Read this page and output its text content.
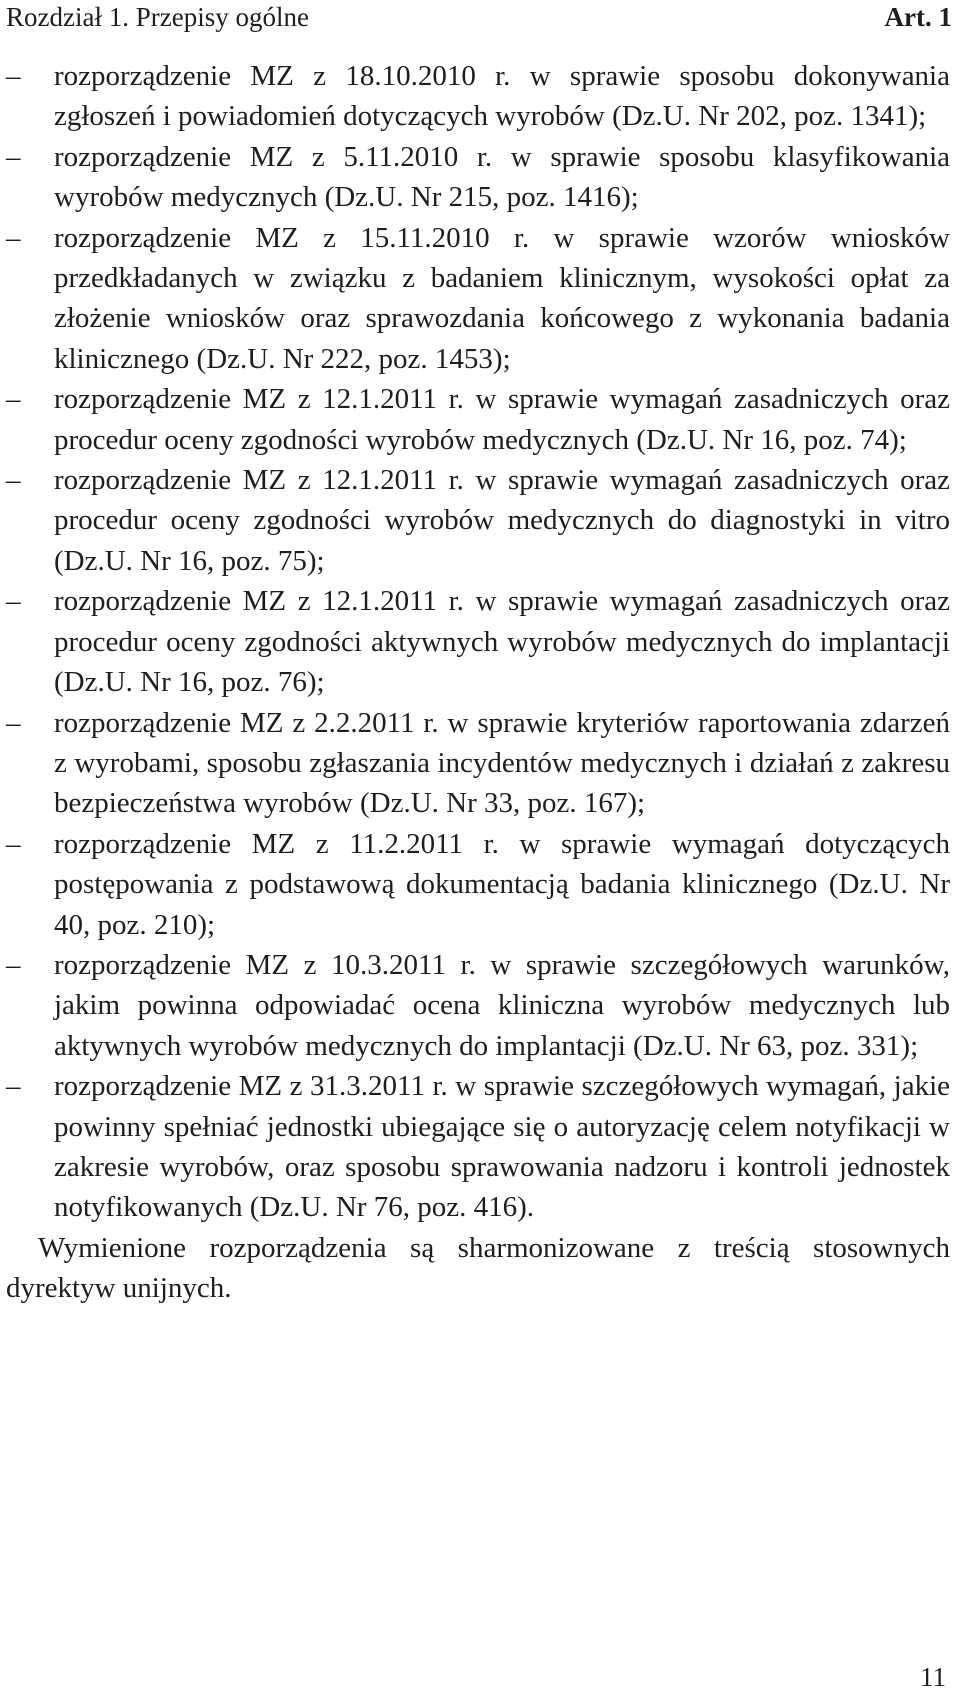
Rozdział 1. Przepisy ogólne	Art. 1
–	rozporządzenie MZ z 18.10.2010 r. w sprawie sposobu dokonywania zgłoszeń i powiadomień dotyczących wyrobów (Dz.U. Nr 202, poz. 1341);
–	rozporządzenie MZ z 5.11.2010 r. w sprawie sposobu klasyfikowania wyrobów medycznych (Dz.U. Nr 215, poz. 1416);
–	rozporządzenie MZ z 15.11.2010 r. w sprawie wzorów wniosków przedkładanych w związku z badaniem klinicznym, wysokości opłat za złożenie wniosków oraz sprawozdania końcowego z wykonania badania klinicznego (Dz.U. Nr 222, poz. 1453);
–	rozporządzenie MZ z 12.1.2011 r. w sprawie wymagań zasadniczych oraz procedur oceny zgodności wyrobów medycznych (Dz.U. Nr 16, poz. 74);
–	rozporządzenie MZ z 12.1.2011 r. w sprawie wymagań zasadniczych oraz procedur oceny zgodności wyrobów medycznych do diagnostyki in vitro (Dz.U. Nr 16, poz. 75);
–	rozporządzenie MZ z 12.1.2011 r. w sprawie wymagań zasadniczych oraz procedur oceny zgodności aktywnych wyrobów medycznych do implantacji (Dz.U. Nr 16, poz. 76);
–	rozporządzenie MZ z 2.2.2011 r. w sprawie kryteriów raportowania zdarzeń z wyrobami, sposobu zgłaszania incydentów medycznych i działań z zakresu bezpieczeństwa wyrobów (Dz.U. Nr 33, poz. 167);
–	rozporządzenie MZ z 11.2.2011 r. w sprawie wymagań dotyczących postępowania z podstawową dokumentacją badania klinicznego (Dz.U. Nr 40, poz. 210);
–	rozporządzenie MZ z 10.3.2011 r. w sprawie szczegółowych warunków, jakim powinna odpowiadać ocena kliniczna wyrobów medycznych lub aktywnych wyrobów medycznych do implantacji (Dz.U. Nr 63, poz. 331);
–	rozporządzenie MZ z 31.3.2011 r. w sprawie szczegółowych wymagań, jakie powinny spełniać jednostki ubiegające się o autoryzację celem notyfikacji w zakresie wyrobów, oraz sposobu sprawowania nadzoru i kontroli jednostek notyfikowanych (Dz.U. Nr 76, poz. 416).

Wymienione rozporządzenia są sharmonizowane z treścią stosownych dyrektyw unijnych.

11
